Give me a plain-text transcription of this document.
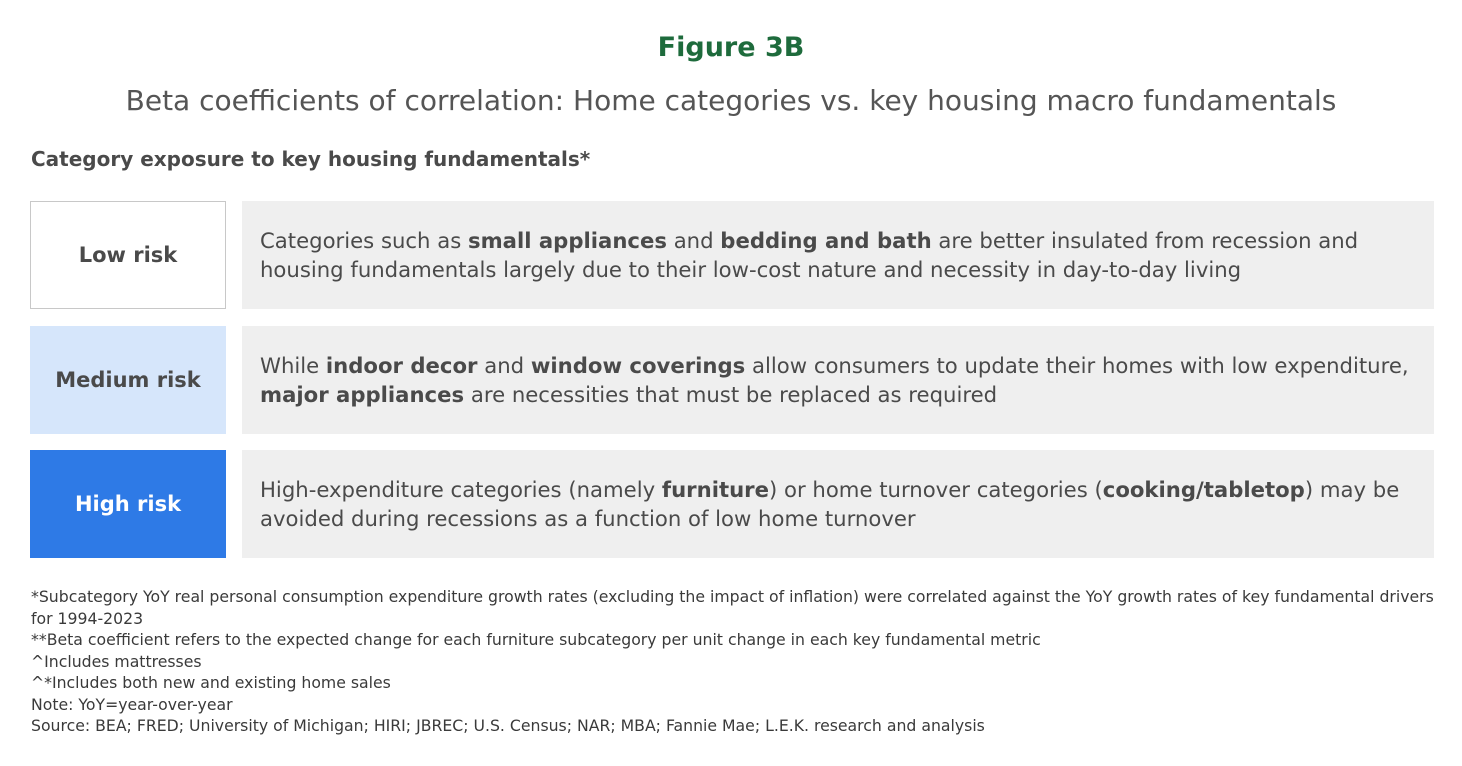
Figure 3B
Beta coefficients of correlation: Home categories vs. key housing macro fundamentals
Category exposure to key housing fundamentals*
Low risk
Categories such as small appliances and bedding and bath are better insulated from recession and housing fundamentals largely due to their low-cost nature and necessity in day-to-day living
Medium risk
While indoor decor and window coverings allow consumers to update their homes with low expenditure, major appliances are necessities that must be replaced as required
High risk
High-expenditure categories (namely furniture) or home turnover categories (cooking/tabletop) may be avoided during recessions as a function of low home turnover
*Subcategory YoY real personal consumption expenditure growth rates (excluding the impact of inflation) were correlated against the YoY growth rates of key fundamental drivers for 1994-2023
**Beta coefficient refers to the expected change for each furniture subcategory per unit change in each key fundamental metric
^Includes mattresses
^*Includes both new and existing home sales
Note: YoY=year-over-year
Source: BEA; FRED; University of Michigan; HIRI; JBREC; U.S. Census; NAR; MBA; Fannie Mae; L.E.K. research and analysis
